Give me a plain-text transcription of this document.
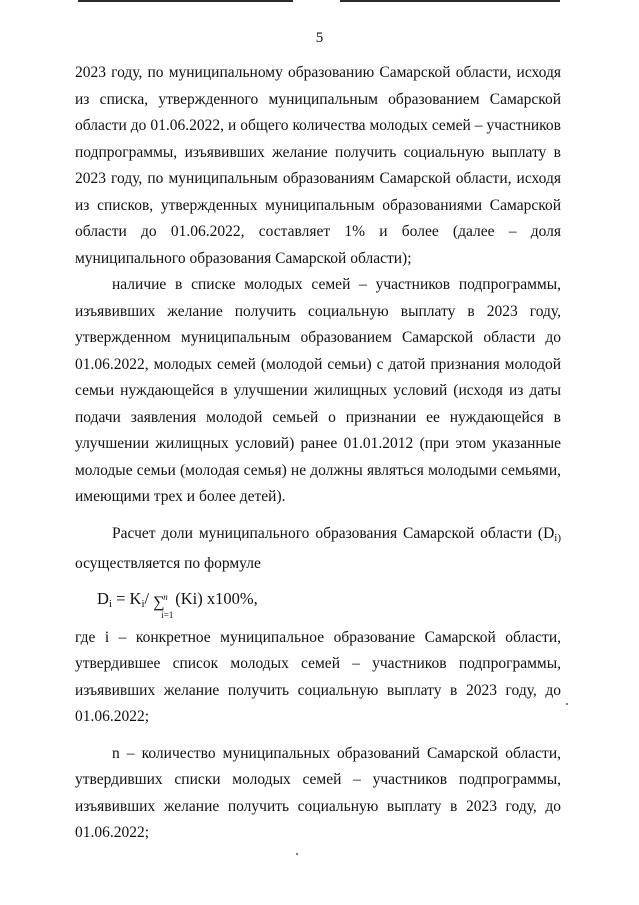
5

2023 году, по муниципальному образованию Самарской области, исходя из списка, утвержденного муниципальным образованием Самарской области до 01.06.2022, и общего количества молодых семей – участников подпрограммы, изъявивших желание получить социальную выплату в 2023 году, по муниципальным образованиям Самарской области, исходя из списков, утвержденных муниципальным образованиями Самарской области до 01.06.2022, составляет 1% и более (далее – доля муниципального образования Самарской области);

наличие в списке молодых семей – участников подпрограммы, изъявивших желание получить социальную выплату в 2023 году, утвержденном муниципальным образованием Самарской области до 01.06.2022, молодых семей (молодой семьи) с датой признания молодой семьи нуждающейся в улучшении жилищных условий (исходя из даты подачи заявления молодой семьей о признании ее нуждающейся в улучшении жилищных условий) ранее 01.01.2012 (при этом указанные молодые семьи (молодая семья) не должны являться молодыми семьями, имеющими трех и более детей).

Расчет доли муниципального образования Самарской области ($D_{i)}$ осуществляется по формуле

$D_i = K_i/$ ∑
n
i=1
(Ki) x100%,

где i – конкретное муниципальное образование Самарской области, утвердившее список молодых семей – участников подпрограммы, изъявивших желание получить социальную выплату в 2023 году, до 01.06.2022;

n – количество муниципальных образований Самарской области, утвердивших списки молодых семей – участников подпрограммы, изъявивших желание получить социальную выплату в 2023 году, до 01.06.2022;
